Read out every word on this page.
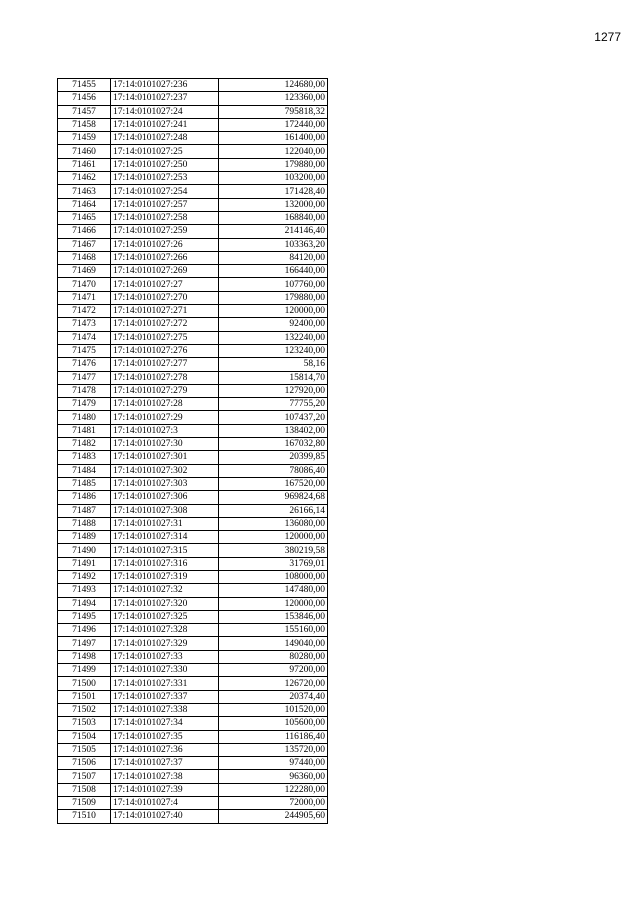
1277
71455	17:14:0101027:236	124680,00
71456	17:14:0101027:237	123360,00
71457	17:14:0101027:24	795818,32
71458	17:14:0101027:241	172440,00
71459	17:14:0101027:248	161400,00
71460	17:14:0101027:25	122040,00
71461	17:14:0101027:250	179880,00
71462	17:14:0101027:253	103200,00
71463	17:14:0101027:254	171428,40
71464	17:14:0101027:257	132000,00
71465	17:14:0101027:258	168840,00
71466	17:14:0101027:259	214146,40
71467	17:14:0101027:26	103363,20
71468	17:14:0101027:266	84120,00
71469	17:14:0101027:269	166440,00
71470	17:14:0101027:27	107760,00
71471	17:14:0101027:270	179880,00
71472	17:14:0101027:271	120000,00
71473	17:14:0101027:272	92400,00
71474	17:14:0101027:275	132240,00
71475	17:14:0101027:276	123240,00
71476	17:14:0101027:277	58,16
71477	17:14:0101027:278	15814,70
71478	17:14:0101027:279	127920,00
71479	17:14:0101027:28	77755,20
71480	17:14:0101027:29	107437,20
71481	17:14:0101027:3	138402,00
71482	17:14:0101027:30	167032,80
71483	17:14:0101027:301	20399,85
71484	17:14:0101027:302	78086,40
71485	17:14:0101027:303	167520,00
71486	17:14:0101027:306	969824,68
71487	17:14:0101027:308	26166,14
71488	17:14:0101027:31	136080,00
71489	17:14:0101027:314	120000,00
71490	17:14:0101027:315	380219,58
71491	17:14:0101027:316	31769,01
71492	17:14:0101027:319	108000,00
71493	17:14:0101027:32	147480,00
71494	17:14:0101027:320	120000,00
71495	17:14:0101027:325	153846,00
71496	17:14:0101027:328	155160,00
71497	17:14:0101027:329	149040,00
71498	17:14:0101027:33	80280,00
71499	17:14:0101027:330	97200,00
71500	17:14:0101027:331	126720,00
71501	17:14:0101027:337	20374,40
71502	17:14:0101027:338	101520,00
71503	17:14:0101027:34	105600,00
71504	17:14:0101027:35	116186,40
71505	17:14:0101027:36	135720,00
71506	17:14:0101027:37	97440,00
71507	17:14:0101027:38	96360,00
71508	17:14:0101027:39	122280,00
71509	17:14:0101027:4	72000,00
71510	17:14:0101027:40	244905,60
